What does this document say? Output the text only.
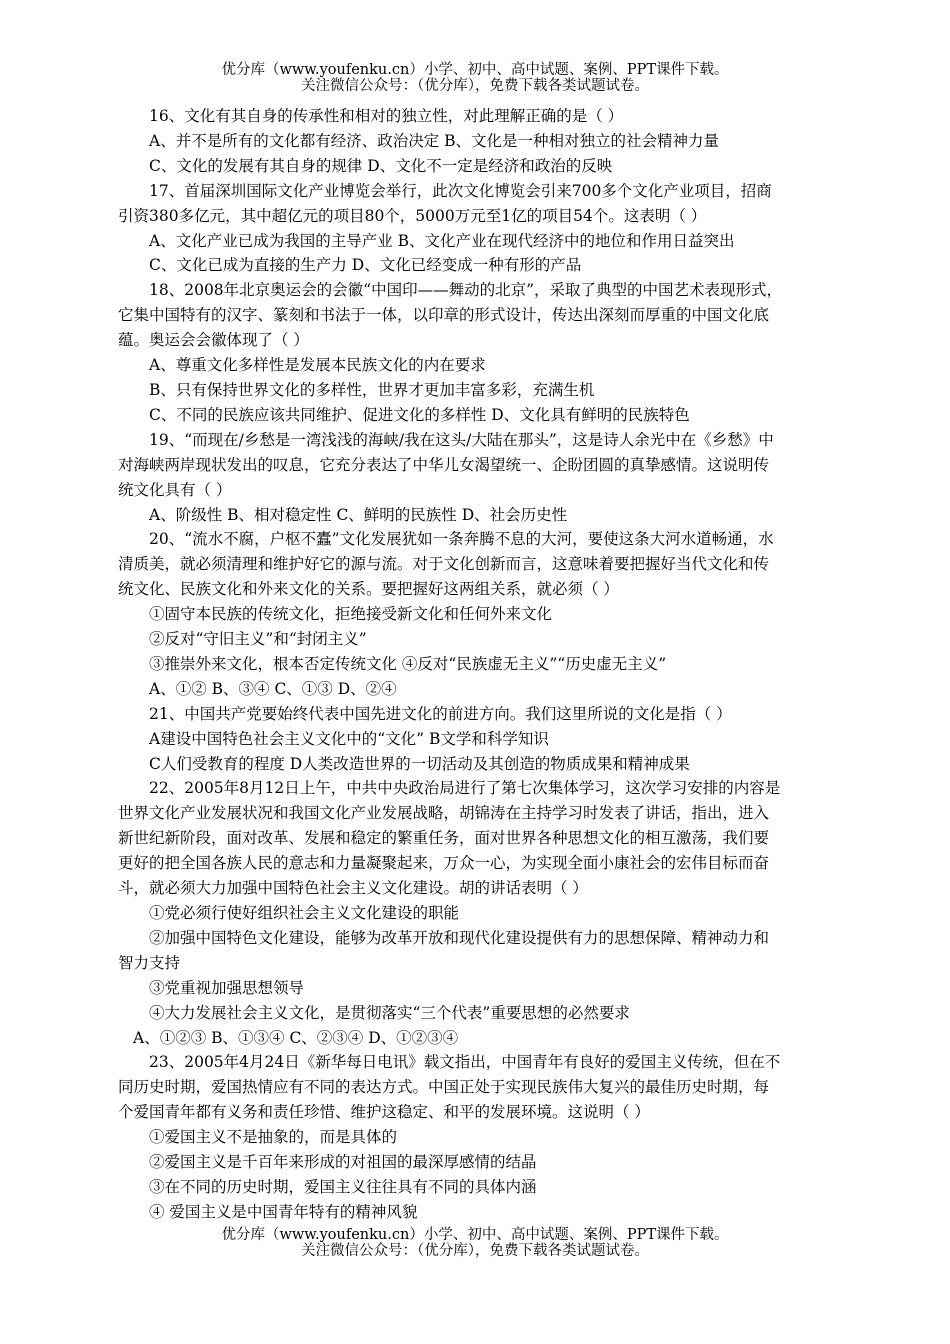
优分库（www.youfenku.cn）小学、初中、高中试题、案例、PPT课件下载。
关注微信公众号：（优分库），免费下载各类试题试卷。
16、文化有其自身的传承性和相对的独立性，对此理解正确的是（ ）
A、并不是所有的文化都有经济、政治决定 B、文化是一种相对独立的社会精神力量
C、文化的发展有其自身的规律 D、文化不一定是经济和政治的反映
17、首届深圳国际文化产业博览会举行，此次文化博览会引来700多个文化产业项目，招商
引资380多亿元，其中超亿元的项目80个，5000万元至1亿的项目54个。这表明（ ）
A、文化产业已成为我国的主导产业 B、文化产业在现代经济中的地位和作用日益突出
C、文化已成为直接的生产力 D、文化已经变成一种有形的产品
18、2008年北京奥运会的会徽“中国印——舞动的北京”，采取了典型的中国艺术表现形式，
它集中国特有的汉字、篆刻和书法于一体，以印章的形式设计，传达出深刻而厚重的中国文化底
蕴。奥运会会徽体现了（ ）
A、尊重文化多样性是发展本民族文化的内在要求
B、只有保持世界文化的多样性，世界才更加丰富多彩，充满生机
C、不同的民族应该共同维护、促进文化的多样性 D、文化具有鲜明的民族特色
19、“而现在/乡愁是一湾浅浅的海峡/我在这头/大陆在那头”，这是诗人余光中在《乡愁》中
对海峡两岸现状发出的叹息，它充分表达了中华儿女渴望统一、企盼团圆的真挚感情。这说明传
统文化具有（ ）
A、阶级性 B、相对稳定性 C、鲜明的民族性 D、社会历史性
20、“流水不腐，户枢不蠹”文化发展犹如一条奔腾不息的大河，要使这条大河水道畅通，水
清质美，就必须清理和维护好它的源与流。对于文化创新而言，这意味着要把握好当代文化和传
统文化、民族文化和外来文化的关系。要把握好这两组关系，就必须（ ）
①固守本民族的传统文化，拒绝接受新文化和任何外来文化
②反对“守旧主义”和“封闭主义”
③推崇外来文化，根本否定传统文化 ④反对“民族虚无主义”“历史虚无主义”
A、①② B、③④ C、①③ D、②④
21、中国共产党要始终代表中国先进文化的前进方向。我们这里所说的文化是指（ ）
A建设中国特色社会主义文化中的“文化” B文学和科学知识
C人们受教育的程度 D人类改造世界的一切活动及其创造的物质成果和精神成果
22、2005年8月12日上午，中共中央政治局进行了第七次集体学习，这次学习安排的内容是
世界文化产业发展状况和我国文化产业发展战略，胡锦涛在主持学习时发表了讲话，指出，进入
新世纪新阶段，面对改革、发展和稳定的繁重任务，面对世界各种思想文化的相互激荡，我们要
更好的把全国各族人民的意志和力量凝聚起来，万众一心，为实现全面小康社会的宏伟目标而奋
斗，就必须大力加强中国特色社会主义文化建设。胡的讲话表明（ ）
①党必须行使好组织社会主义文化建设的职能
②加强中国特色文化建设，能够为改革开放和现代化建设提供有力的思想保障、精神动力和
智力支持
③党重视加强思想领导
④大力发展社会主义文化，是贯彻落实“三个代表”重要思想的必然要求
A、①②③ B、①③④ C、②③④ D、①②③④
23、2005年4月24日《新华每日电讯》载文指出，中国青年有良好的爱国主义传统，但在不
同历史时期，爱国热情应有不同的表达方式。中国正处于实现民族伟大复兴的最佳历史时期，每
个爱国青年都有义务和责任珍惜、维护这稳定、和平的发展环境。这说明（ ）
①爱国主义不是抽象的，而是具体的
②爱国主义是千百年来形成的对祖国的最深厚感情的结晶
③在不同的历史时期，爱国主义往往具有不同的具体内涵
④ 爱国主义是中国青年特有的精神风貌
优分库（www.youfenku.cn）小学、初中、高中试题、案例、PPT课件下载。
关注微信公众号：（优分库），免费下载各类试题试卷。
